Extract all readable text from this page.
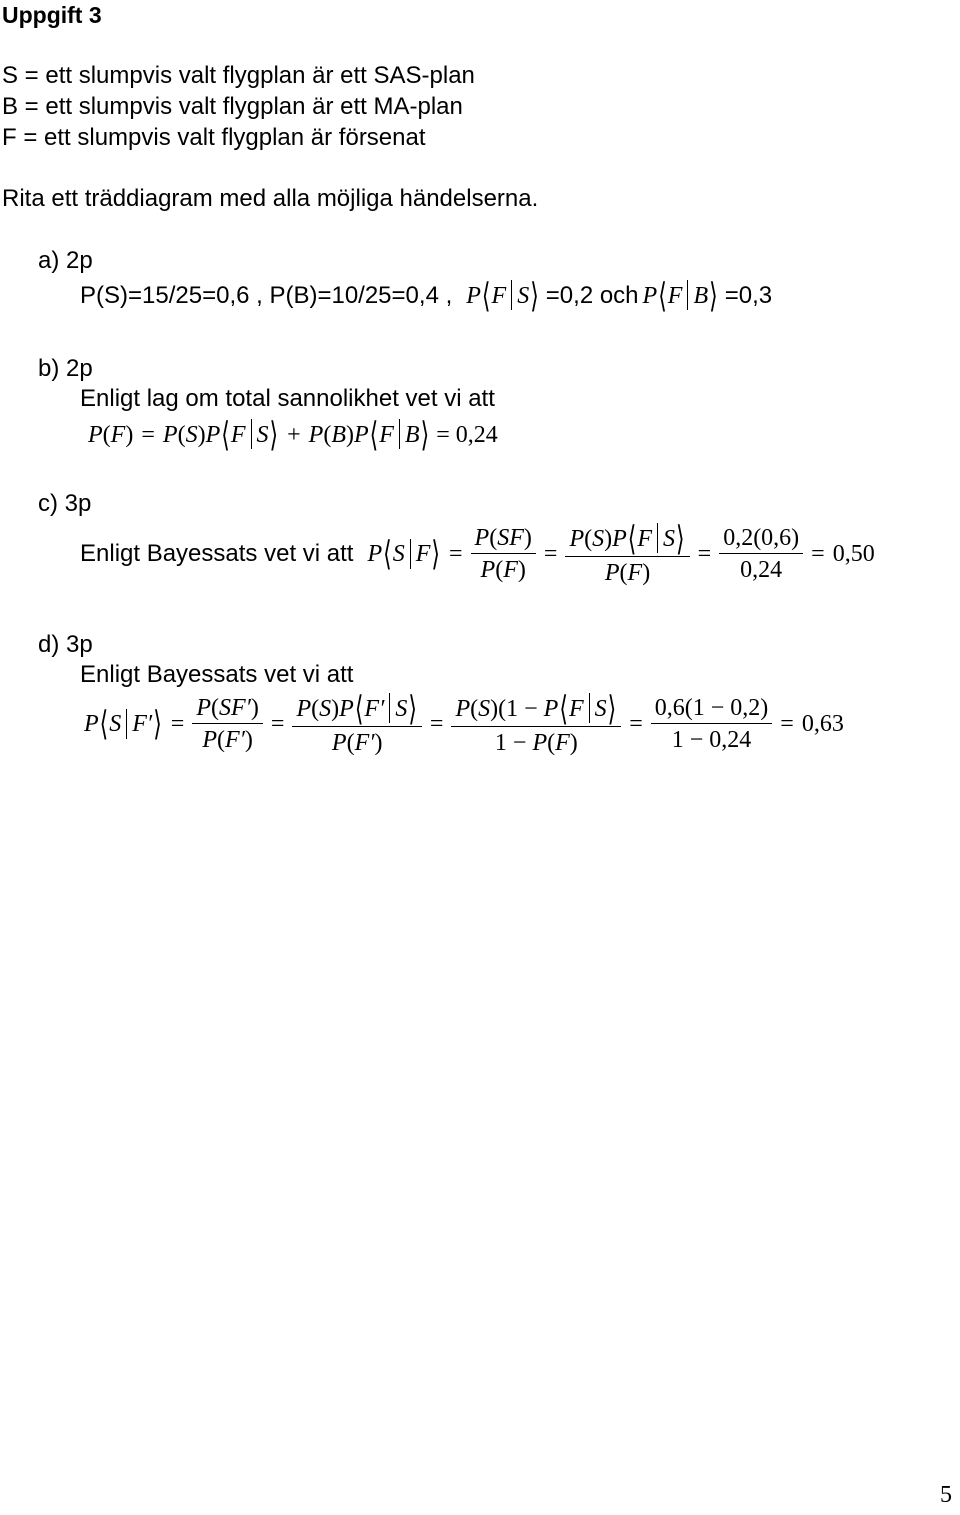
Uppgift 3
S = ett slumpvis valt flygplan är ett SAS-plan
B = ett slumpvis valt flygplan är ett MA-plan
F = ett slumpvis valt flygplan är försenat
Rita ett träddiagram med alla möjliga händelserna.
a) 2p
P(S)=15/25=0,6 , P(B)=10/25=0,4 , P⟨F S⟩ =0,2 och P⟨F B⟩ =0,3
b) 2p
Enligt lag om total sannolikhet vet vi att
P(F) = P(S)P⟨F S⟩ + P(B)P⟨F B⟩ = 0,24
c) 3p
Enligt Bayessats vet vi att P ⟨ S F ⟩ = $\frac{P(SF)}{P(F)} = \frac{\text{P(S)P⟨F S⟩}}{P(F)} = \frac{0,2(0,6)}{0,24} = 0,50$
d) 3p
Enligt Bayessats vet vi att
P ⟨ S F′ ⟩ = $\frac{P(SF')}{P(F')} = \frac{P(S)P⟨F' S⟩}{P(F')} = \frac{\text{P(S)(1 − P⟨F S⟩}}{1 - P(F)} = \frac{0,6(1 - 0,2)}{1 - 0,24} = 0,63$
5
